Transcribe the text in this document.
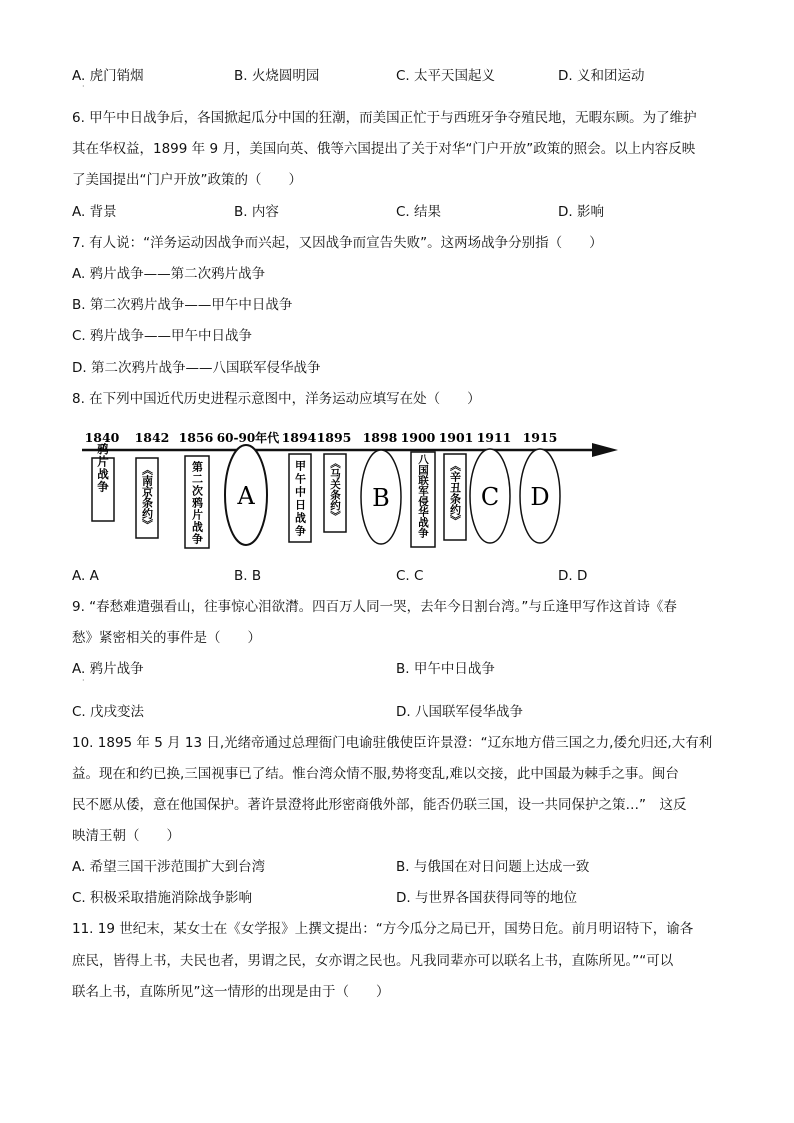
A. 虎门销烟	B. 火烧圆明园	C. 太平天国起义	D. 义和团运动
·
6. 甲午中日战争后，各国掀起瓜分中国的狂潮，而美国正忙于与西班牙争夺殖民地，无暇东顾。为了维护
其在华权益，1899 年 9 月，美国向英、俄等六国提出了关于对华“门户开放”政策的照会。以上内容反映
了美国提出“门户开放”政策的（　　）
A. 背景	B. 内容	C. 结果	D. 影响
7. 有人说：“洋务运动因战争而兴起，又因战争而宣告失败”。这两场战争分别指（　　）
A. 鸦片战争——第二次鸦片战争
B. 第二次鸦片战争——甲午中日战争
C. 鸦片战争——甲午中日战争
D. 第二次鸦片战争——八国联军侵华战争
8. 在下列中国近代历史进程示意图中，洋务运动应填写在处（　　）
1840 1842 1856 60-90年代 1894 1895 1898 1900 1901 1911 1915
鸦片战争	《南京条约》	第二次鸦片战争	甲午中日战争 《马关条约》	八国联军侵华战争 《辛丑条约》
A	B	C D
A. A	B. B	C. C	D. D
9. “春愁难遣强看山，往事惊心泪欲潸。四百万人同一哭，去年今日割台湾。”与丘逢甲写作这首诗《春
愁》紧密相关的事件是（　　）
A. 鸦片战争	B. 甲午中日战争
·
C. 戊戌变法	D. 八国联军侵华战争
10. 1895 年 5 月 13 日,光绪帝通过总理衙门电谕驻俄使臣许景澄：“辽东地方借三国之力,倭允归还,大有利
益。现在和约已换,三国视事已了结。惟台湾众情不服,势将变乱,难以交接，此中国最为棘手之事。闽台
民不愿从倭，意在他国保护。著许景澄将此形密商俄外部，能否仍联三国，设一共同保护之策…”　这反
映清王朝（　　）
A. 希望三国干涉范围扩大到台湾	B. 与俄国在对日问题上达成一致
C. 积极采取措施消除战争影响	D. 与世界各国获得同等的地位
11. 19 世纪末，某女士在《女学报》上撰文提出：“方今瓜分之局已开，国势日危。前月明诏特下，谕各
庶民，皆得上书，夫民也者，男谓之民，女亦谓之民也。凡我同辈亦可以联名上书，直陈所见。”“可以
联名上书，直陈所见”这一情形的出现是由于（　　）
